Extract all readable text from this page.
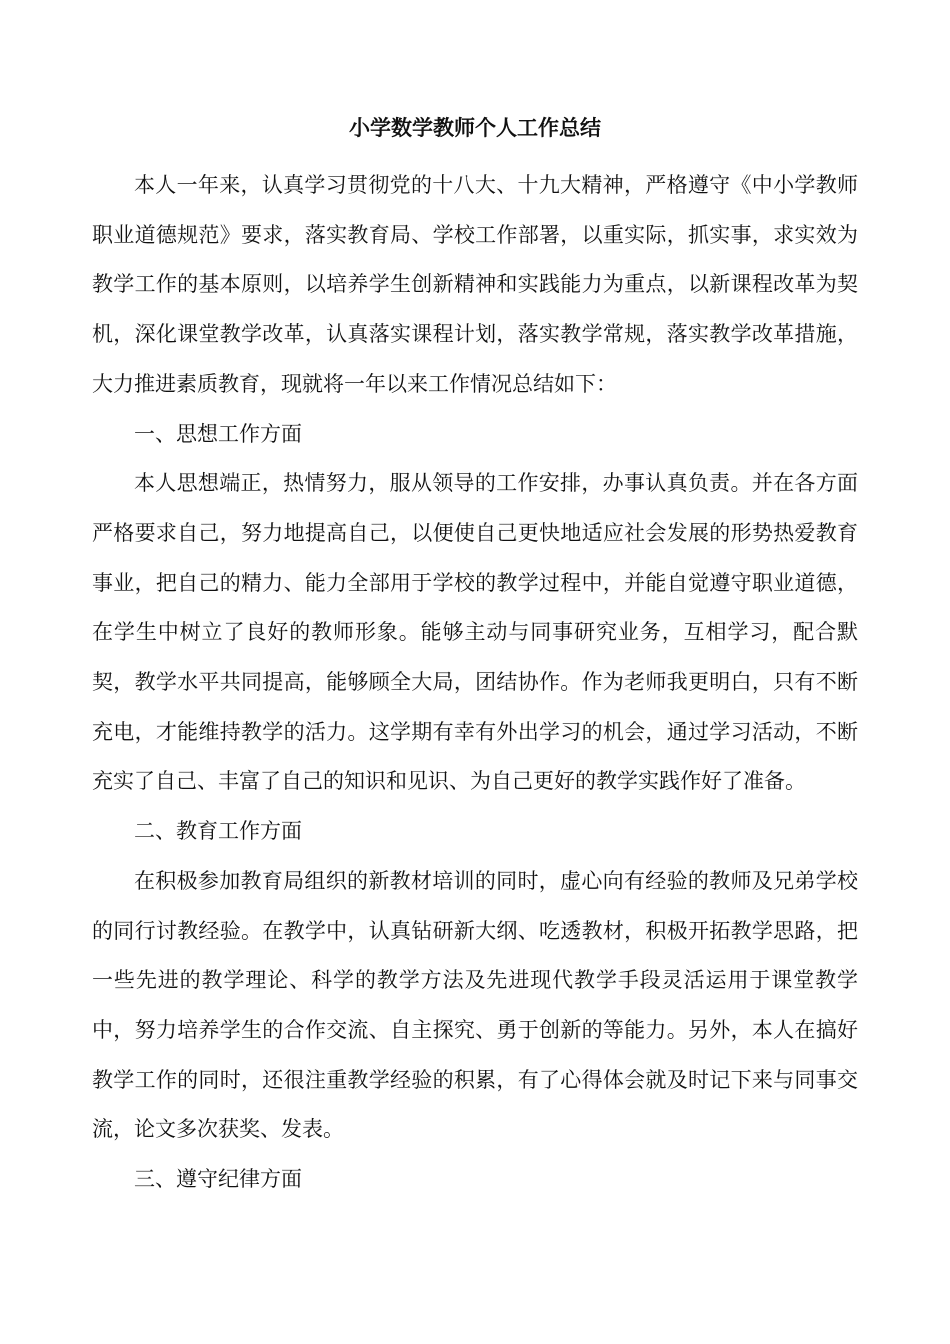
小学数学教师个人工作总结

本人一年来，认真学习贯彻党的十八大、十九大精神，严格遵守《中小学教师职业道德规范》要求，落实教育局、学校工作部署，以重实际，抓实事，求实效为教学工作的基本原则，以培养学生创新精神和实践能力为重点，以新课程改革为契机，深化课堂教学改革，认真落实课程计划，落实教学常规，落实教学改革措施，大力推进素质教育，现就将一年以来工作情况总结如下：

一、思想工作方面

本人思想端正，热情努力，服从领导的工作安排，办事认真负责。并在各方面严格要求自己，努力地提高自己，以便使自己更快地适应社会发展的形势热爱教育事业，把自己的精力、能力全部用于学校的教学过程中，并能自觉遵守职业道德，在学生中树立了良好的教师形象。能够主动与同事研究业务，互相学习，配合默契，教学水平共同提高，能够顾全大局，团结协作。作为老师我更明白，只有不断充电，才能维持教学的活力。这学期有幸有外出学习的机会，通过学习活动，不断充实了自己、丰富了自己的知识和见识、为自己更好的教学实践作好了准备。

二、教育工作方面

在积极参加教育局组织的新教材培训的同时，虚心向有经验的教师及兄弟学校的同行讨教经验。在教学中，认真钻研新大纲、吃透教材，积极开拓教学思路，把一些先进的教学理论、科学的教学方法及先进现代教学手段灵活运用于课堂教学中，努力培养学生的合作交流、自主探究、勇于创新的等能力。另外，本人在搞好教学工作的同时，还很注重教学经验的积累，有了心得体会就及时记下来与同事交流，论文多次获奖、发表。

三、遵守纪律方面
